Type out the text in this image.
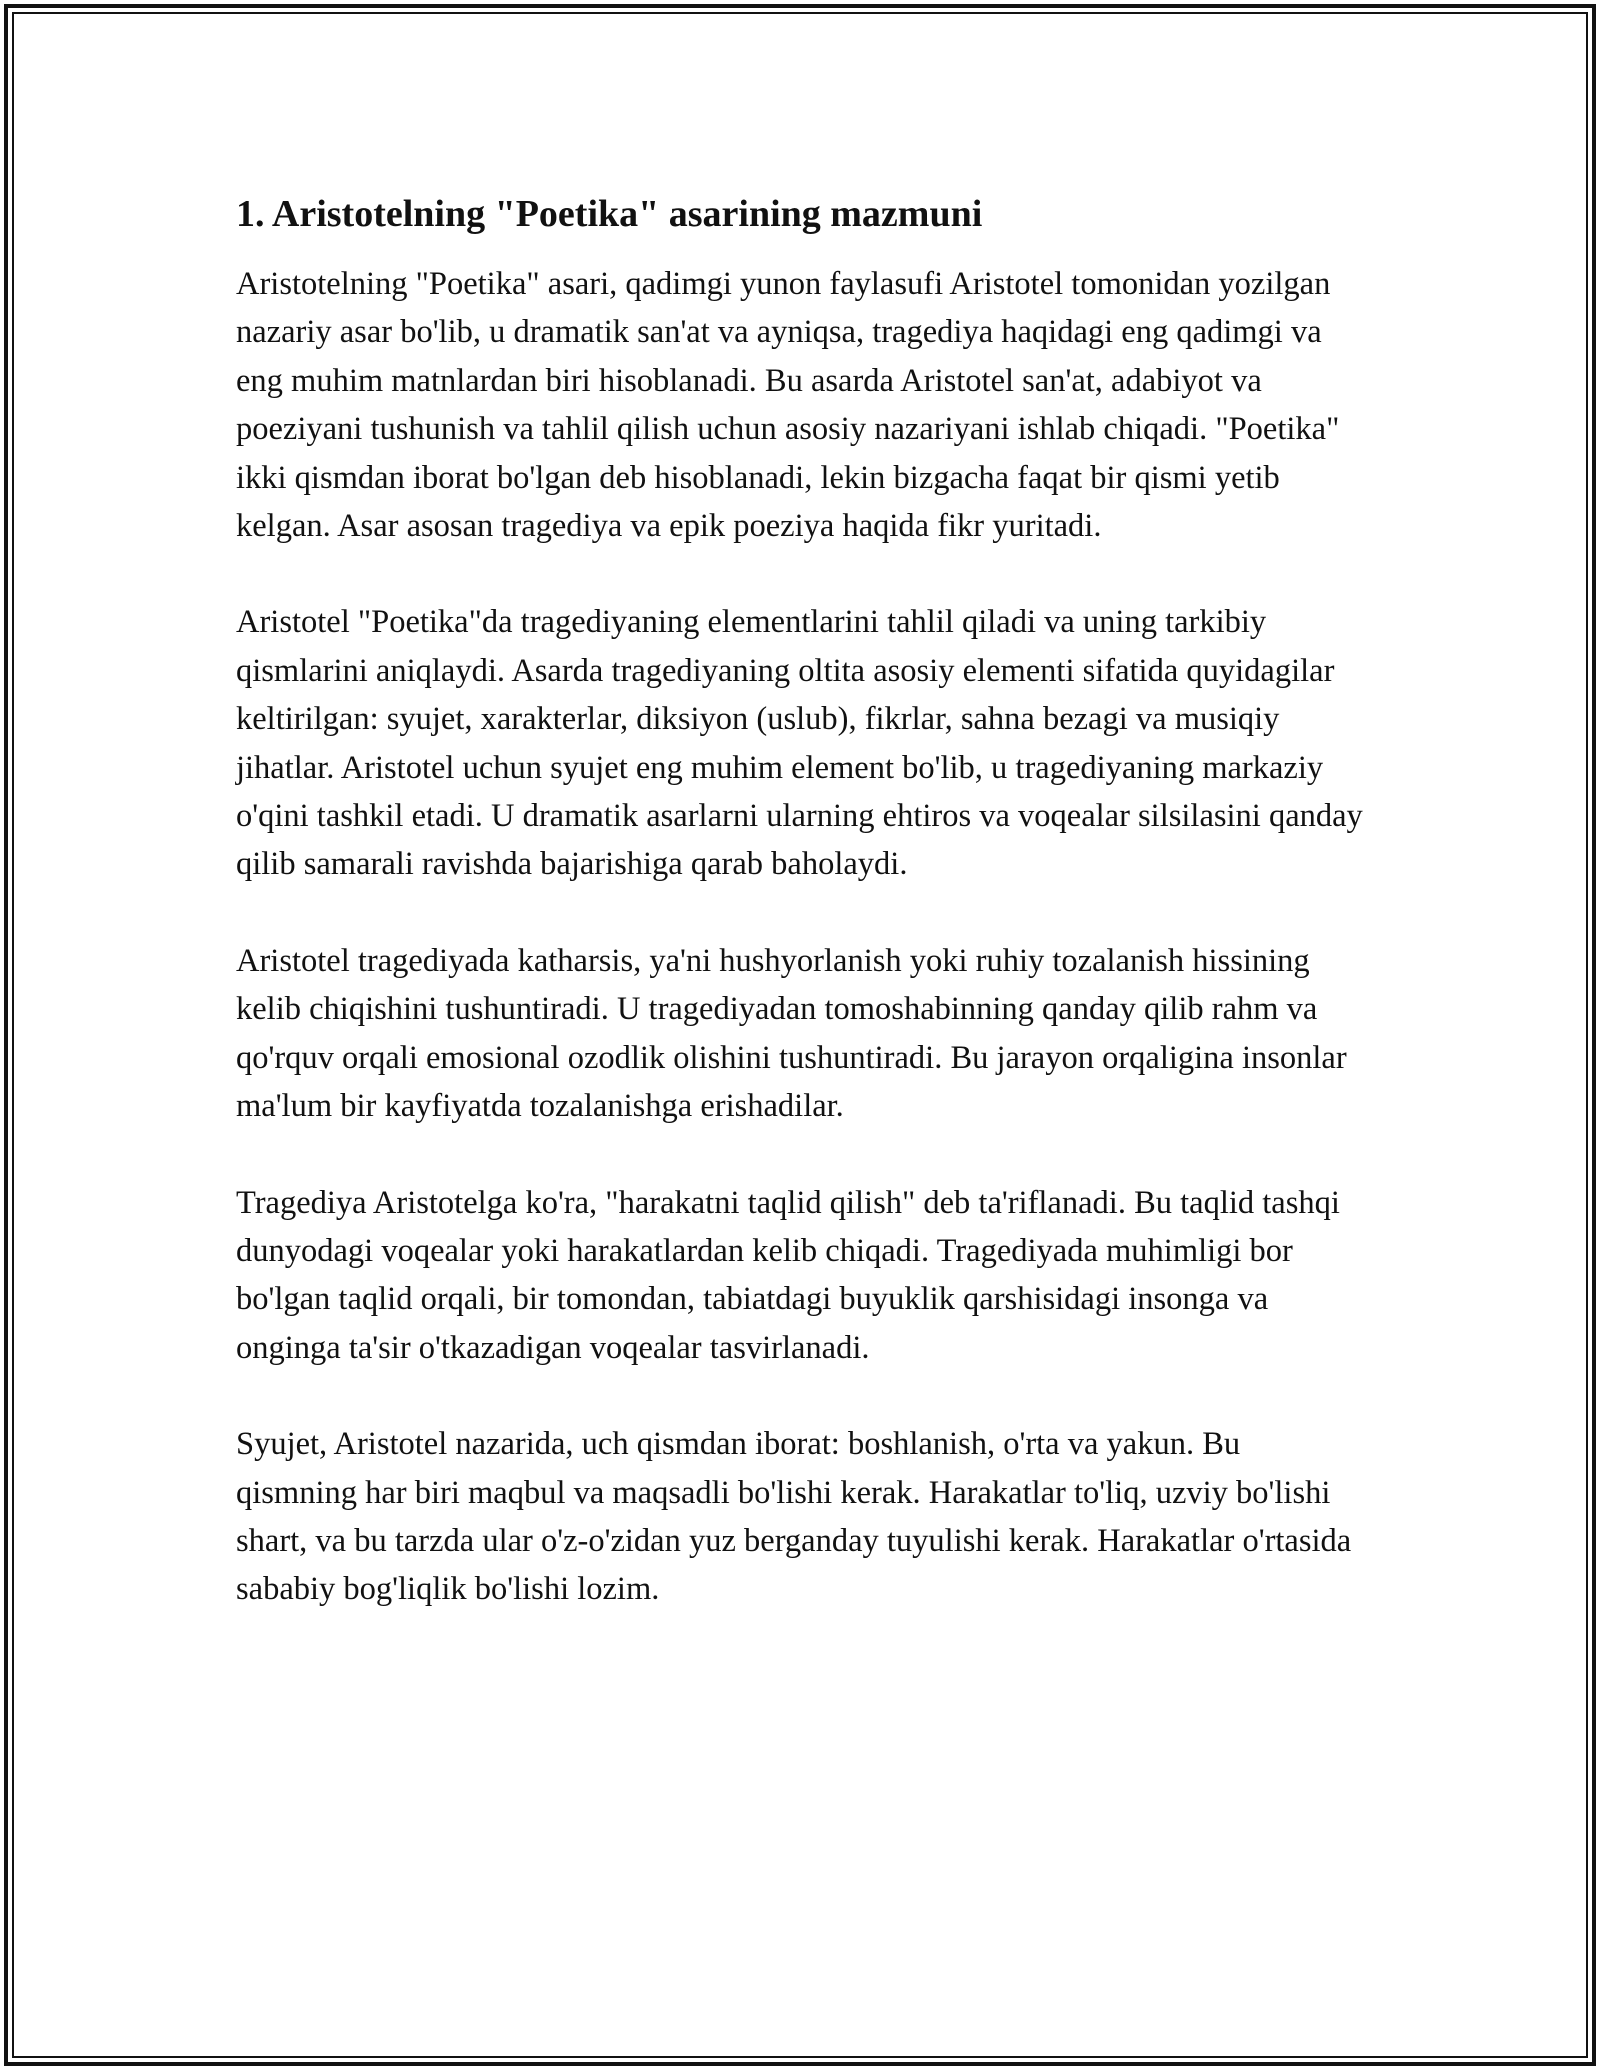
1. Aristotelning "Poetika" asarining mazmuni

Aristotelning "Poetika" asari, qadimgi yunon faylasufi Aristotel tomonidan yozilgan nazariy asar bo'lib, u dramatik san'at va ayniqsa, tragediya haqidagi eng qadimgi va eng muhim matnlardan biri hisoblanadi. Bu asarda Aristotel san'at, adabiyot va poeziyani tushunish va tahlil qilish uchun asosiy nazariyani ishlab chiqadi. "Poetika" ikki qismdan iborat bo'lgan deb hisoblanadi, lekin bizgacha faqat bir qismi yetib kelgan. Asar asosan tragediya va epik poeziya haqida fikr yuritadi.

Aristotel "Poetika"da tragediyaning elementlarini tahlil qiladi va uning tarkibiy qismlarini aniqlaydi. Asarda tragediyaning oltita asosiy elementi sifatida quyidagilar keltirilgan: syujet, xarakterlar, diksiyon (uslub), fikrlar, sahna bezagi va musiqiy jihatlar. Aristotel uchun syujet eng muhim element bo'lib, u tragediyaning markaziy o'qini tashkil etadi. U dramatik asarlarni ularning ehtiros va voqealar silsilasini qanday qilib samarali ravishda bajarishiga qarab baholaydi.

Aristotel tragediyada katharsis, ya'ni hushyorlanish yoki ruhiy tozalanish hissining kelib chiqishini tushuntiradi. U tragediyadan tomoshabinning qanday qilib rahm va qo'rquv orqali emosional ozodlik olishini tushuntiradi. Bu jarayon orqaligina insonlar ma'lum bir kayfiyatda tozalanishga erishadilar.

Tragediya Aristotelga ko'ra, "harakatni taqlid qilish" deb ta'riflanadi. Bu taqlid tashqi dunyodagi voqealar yoki harakatlardan kelib chiqadi. Tragediyada muhimligi bor bo'lgan taqlid orqali, bir tomondan, tabiatdagi buyuklik qarshisidagi insonga va onginga ta'sir o'tkazadigan voqealar tasvirlanadi.

Syujet, Aristotel nazarida, uch qismdan iborat: boshlanish, o'rta va yakun. Bu qismning har biri maqbul va maqsadli bo'lishi kerak. Harakatlar to'liq, uzviy bo'lishi shart, va bu tarzda ular o'z-o'zidan yuz berganday tuyulishi kerak. Harakatlar o'rtasida sababiy bog'liqlik bo'lishi lozim.
